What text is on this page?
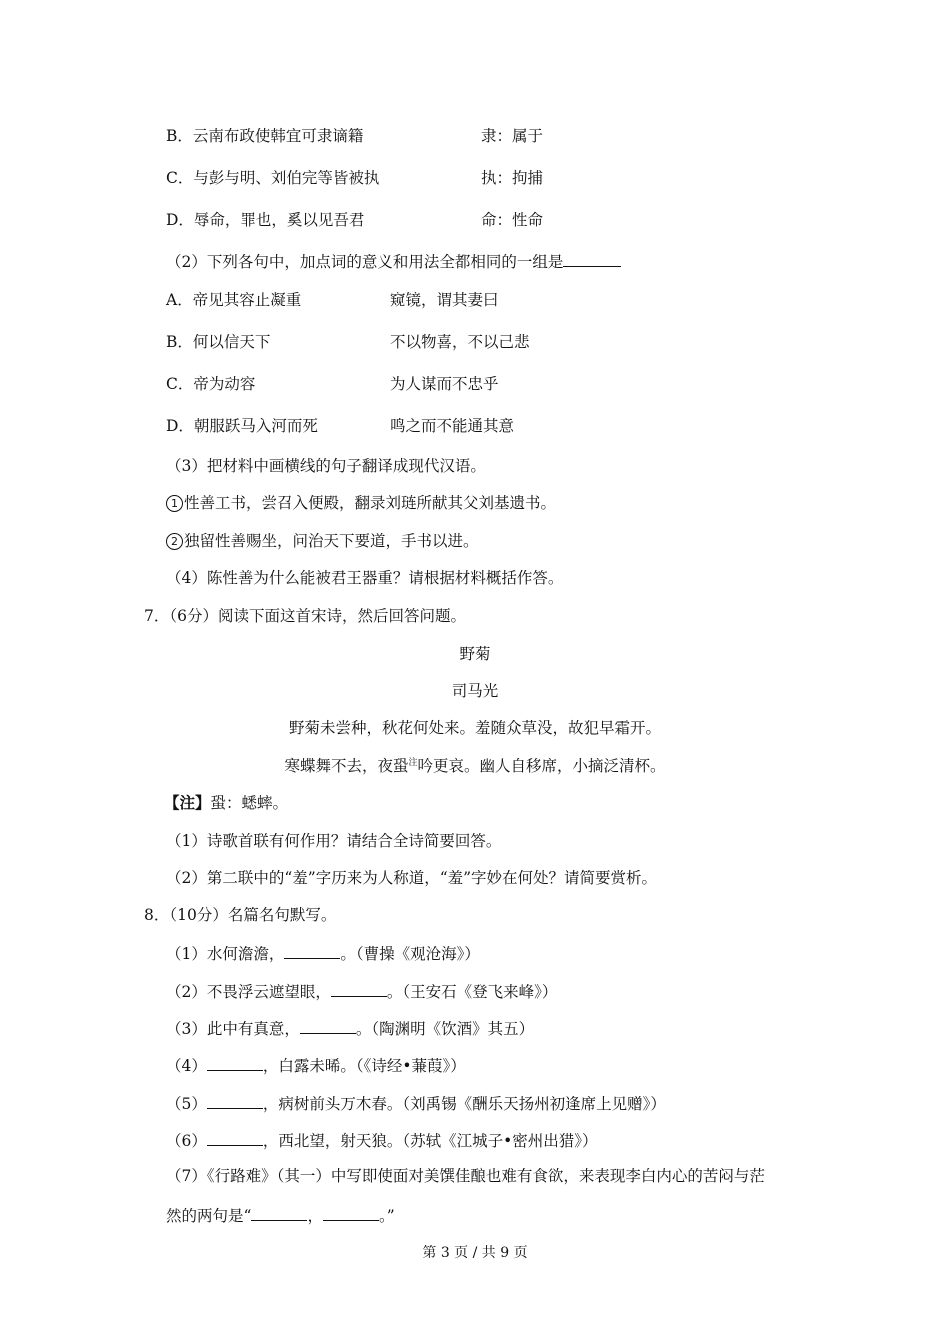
B．云南布政使韩宜可隶谪籍	隶：属于
C．与彭与明、刘伯完等皆被执	执：拘捕
D．辱命，罪也，奚以见吾君	命：性命
（2）下列各句中，加点词的意义和用法全都相同的一组是
A．帝见其容止凝重	窥镜，谓其妻曰
B．何以信天下	不以物喜，不以己悲
C．帝为动容	为人谋而不忠乎
D．朝服跃马入河而死	鸣之而不能通其意
（3）把材料中画横线的句子翻译成现代汉语。
1 性善工书，尝召入便殿，翻录刘琏所献其父刘基遗书。
2 独留性善赐坐，问治天下要道，手书以进。
（4）陈性善为什么能被君王器重？请根据材料概括作答。
7．（6分）阅读下面这首宋诗，然后回答问题。
野菊
司马光
野菊未尝种，秋花何处来。羞随众草没，故犯早霜开。
寒蝶舞不去，夜蛩$^注$吟更哀。幽人自移席，小摘泛清杯。
【注】蛩：蟋蟀。
（1）诗歌首联有何作用？请结合全诗简要回答。
（2）第二联中的“羞”字历来为人称道，“羞”字妙在何处？请简要赏析。
8．（10分）名篇名句默写。
（1）水何澹澹，	。（曹操《观沧海》）
（2）不畏浮云遮望眼，	。（王安石《登飞来峰》）
（3）此中有真意，	。（陶渊明《饮酒》其五）
（4）	，白露未晞。（《诗经•蒹葭》）
（5）	，病树前头万木春。（刘禹锡《酬乐天扬州初逢席上见赠》）
（6）	，西北望，射天狼。（苏轼《江城子•密州出猎》）
（7）《行路难》（其一）中写即使面对美馔佳酿也难有食欲，来表现李白内心的苦闷与茫
然的两句是“	，	。”
第 3 页 / 共 9 页
